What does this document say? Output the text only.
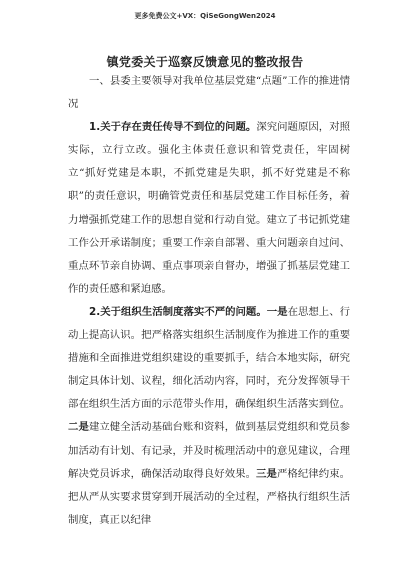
更多免费公文+VX：QiSeGongWen2024
镇党委关于巡察反馈意见的整改报告

一、县委主要领导对我单位基层党建“点题”工作的推进情况

1.关于存在责任传导不到位的问题。深究问题原因，对照实际，立行立改。强化主体责任意识和管党责任，牢固树立“抓好党建是本职，不抓党建是失职，抓不好党建是不称职”的责任意识，明确管党责任和基层党建工作目标任务，着力增强抓党建工作的思想自觉和行动自觉。建立了书记抓党建工作公开承诺制度；重要工作亲自部署、重大问题亲自过问、重点环节亲自协调、重点事项亲自督办，增强了抓基层党建工作的责任感和紧迫感。

2.关于组织生活制度落实不严的问题。一是在思想上、行动上提高认识。把严格落实组织生活制度作为推进工作的重要措施和全面推进党组织建设的重要抓手，结合本地实际，研究制定具体计划、议程，细化活动内容，同时，充分发挥领导干部在组织生活方面的示范带头作用，确保组织生活落实到位。二是建立健全活动基础台账和资料，做到基层党组织和党员参加活动有计划、有记录，并及时梳理活动中的意见建议，合理解决党员诉求，确保活动取得良好效果。三是严格纪律约束。把从严从实要求贯穿到开展活动的全过程，严格执行组织生活制度，真正以纪律
